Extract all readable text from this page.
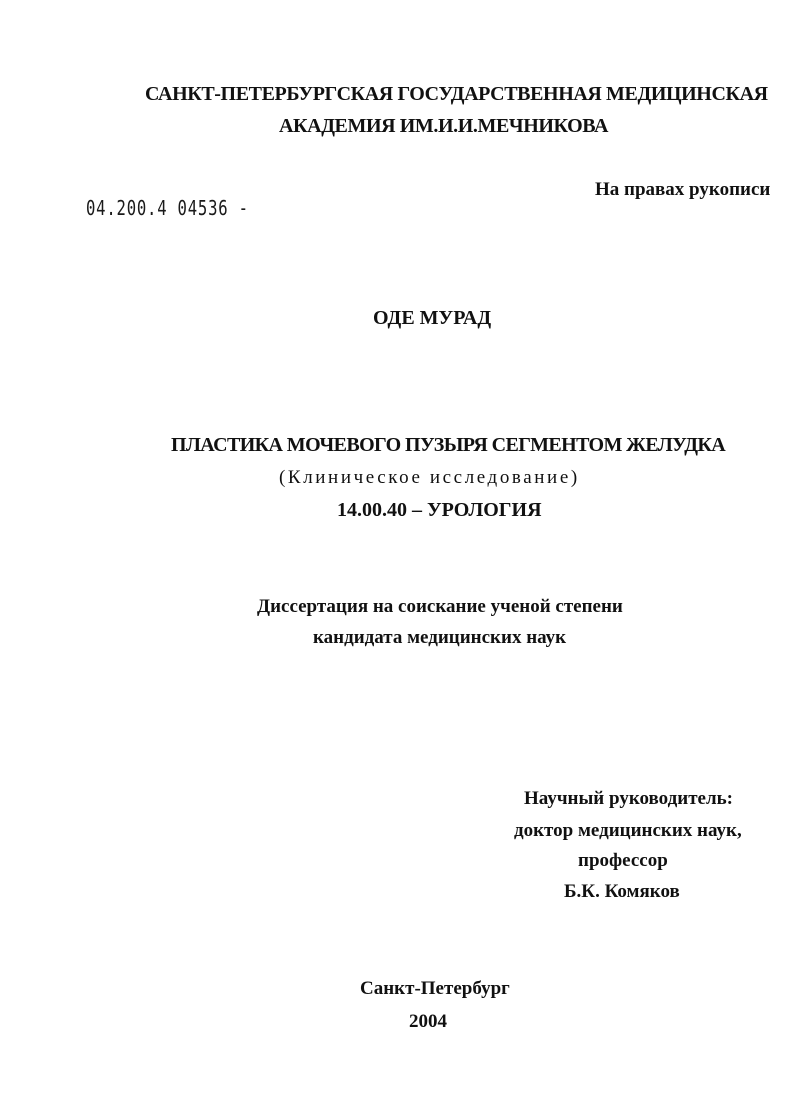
САНКТ-ПЕТЕРБУРГСКАЯ ГОСУДАРСТВЕННАЯ МЕДИЦИНСКАЯ
АКАДЕМИЯ ИМ.И.И.МЕЧНИКОВА
04.200.4 04536 -
На правах рукописи
ОДЕ МУРАД
ПЛАСТИКА МОЧЕВОГО ПУЗЫРЯ СЕГМЕНТОМ ЖЕЛУДКА
(Клиническое исследование)
14.00.40 – УРОЛОГИЯ
Диссертация на соискание ученой степени
кандидата медицинских наук
Научный руководитель:
доктор медицинских наук,
профессор
Б.К. Комяков
Санкт-Петербург
2004
